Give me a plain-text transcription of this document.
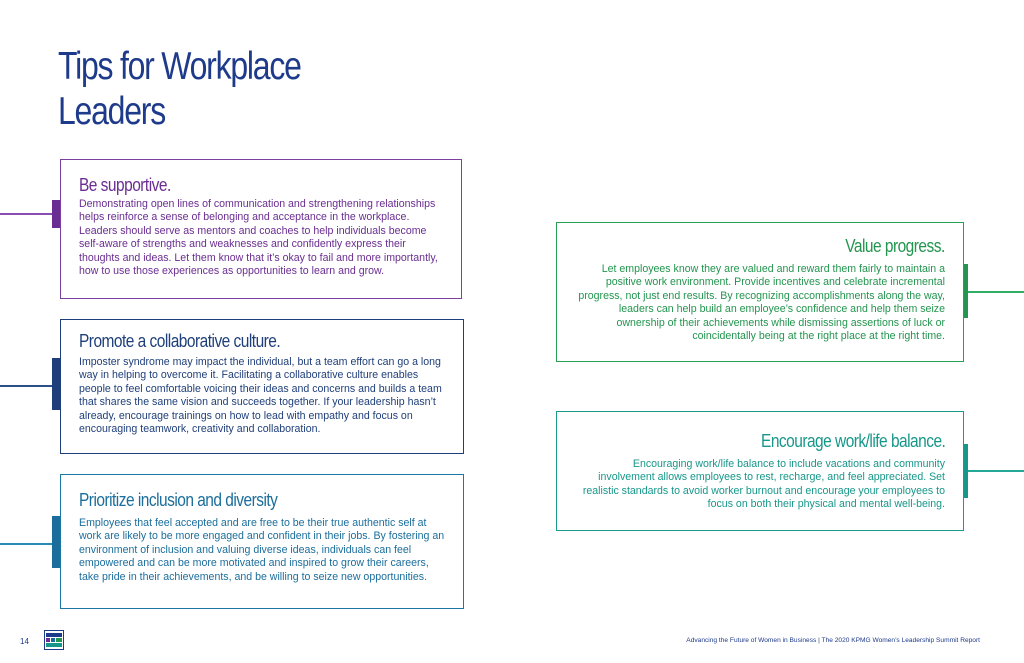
Tips for Workplace
Leaders
Be supportive.

Demonstrating open lines of communication and strengthening relationships helps reinforce a sense of belonging and acceptance in the workplace. Leaders should serve as mentors and coaches to help individuals become self-aware of strengths and weaknesses and confidently express their thoughts and ideas. Let them know that it’s okay to fail and more importantly, how to use those experiences as opportunities to learn and grow.

Promote a collaborative culture.

Imposter syndrome may impact the individual, but a team effort can go a long way in helping to overcome it. Facilitating a collaborative culture enables people to feel comfortable voicing their ideas and concerns and builds a team that shares the same vision and succeeds together. If your leadership hasn’t already, encourage trainings on how to lead with empathy and focus on encouraging teamwork, creativity and collaboration.

Prioritize inclusion and diversity

Employees that feel accepted and are free to be their true authentic self at work are likely to be more engaged and confident in their jobs. By fostering an environment of inclusion and valuing diverse ideas, individuals can feel empowered and can be more motivated and inspired to grow their careers, take pride in their achievements, and be willing to seize new opportunities.

Value progress.

Let employees know they are valued and reward them fairly to maintain a positive work environment. Provide incentives and celebrate incremental progress, not just end results. By recognizing accomplishments along the way, leaders can help build an employee’s confidence and help them seize ownership of their achievements while dismissing assertions of luck or coincidentally being at the right place at the right time.

Encourage work/life balance.

Encouraging work/life balance to include vacations and community involvement allows employees to rest, recharge, and feel appreciated. Set realistic standards to avoid worker burnout and encourage your employees to focus on both their physical and mental well-being.

14	Advancing the Future of Women in Business | The 2020 KPMG Women’s Leadership Summit Report
